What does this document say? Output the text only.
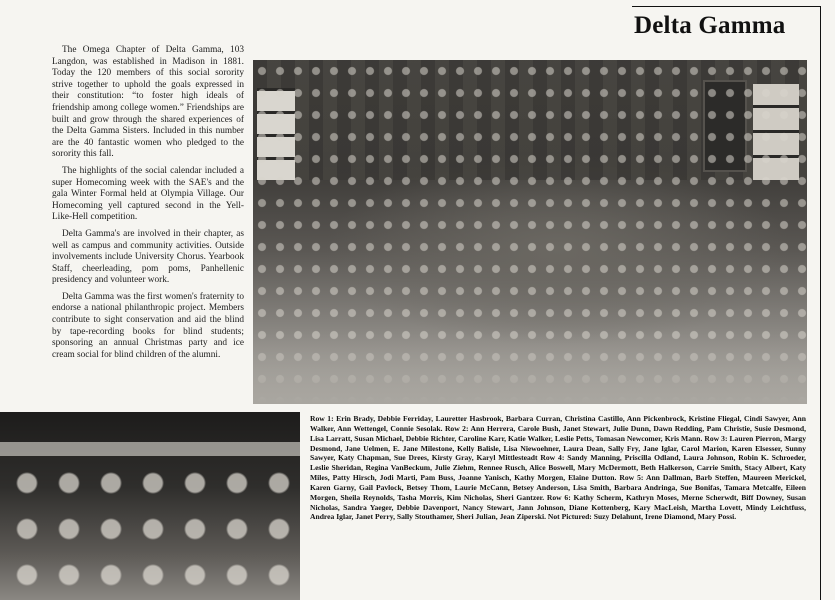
Delta Gamma

The Omega Chapter of Delta Gamma, 103 Langdon, was established in Madison in 1881. Today the 120 members of this social sorority strive together to uphold the goals expressed in their constitution: “to foster high ideals of friendship among college women.” Friendships are built and grow through the shared experiences of the Delta Gamma Sisters. Included in this number are the 40 fantastic women who pledged to the sorority this fall.

The highlights of the social calendar included a super Homecoming week with the SAE's and the gala Winter Formal held at Olympia Village. Our Homecoming yell captured second in the Yell-Like-Hell competition.

Delta Gamma's are involved in their chapter, as well as campus and community activities. Outside involvements include University Chorus. Yearbook Staff, cheerleading, pom poms, Panhellenic presidency and volunteer work.

Delta Gamma was the first women's fraternity to endorse a national philanthropic project. Members contribute to sight conservation and aid the blind by tape-recording books for blind students; sponsoring an annual Christmas party and ice cream social for blind children of the alumni.

Row 1: Erin Brady, Debbie Ferriday, Lauretter Hasbrook, Barbara Curran, Christina Castillo, Ann Pickenbrock, Kristine Fliegal, Cindi Sawyer, Ann Walker, Ann Wettengel, Connie Sesolak. Row 2: Ann Herrera, Carole Bush, Janet Stewart, Julie Dunn, Dawn Redding, Pam Christie, Susie Desmond, Lisa Larratt, Susan Michael, Debbie Richter, Caroline Karr, Katie Walker, Leslie Petts, Tomasan Newcomer, Kris Mann. Row 3: Lauren Pierron, Margy Desmond, Jane Uelmen, E. Jane Milestone, Kelly Balisle, Lisa Niewoehner, Laura Dean, Sally Fry, Jane Iglar, Carol Marion, Karen Elsesser, Sunny Sawyer, Katy Chapman, Sue Drees, Kirsty Gray, Karyl Mittlesteadt Row 4: Sandy Manning, Priscilla Odland, Laura Johnson, Robin K. Schroeder, Leslie Sheridan, Regina VanBeckum, Julie Ziehm, Rennee Rusch, Alice Boswell, Mary McDermott, Beth Halkerson, Carrie Smith, Stacy Albert, Katy Miles, Patty Hirsch, Jodi Marti, Pam Buss, Joanne Yanisch, Kathy Morgen, Elaine Dutton. Row 5: Ann Dallman, Barb Steffen, Maureen Merickel, Karen Garny, Gail Pavlock, Betsey Thom, Laurie McCann, Betsey Anderson, Lisa Smith, Barbara Andringa, Sue Bonifas, Tamara Metcalfe, Eileen Morgen, Sheila Reynolds, Tasha Morris, Kim Nicholas, Sheri Gantzer. Row 6: Kathy Scherm, Kathryn Moses, Merne Scherwdt, Biff Downey, Susan Nicholas, Sandra Yaeger, Debbie Davenport, Nancy Stewart, Jann Johnson, Diane Kottenberg, Kary MacLeish, Martha Lovett, Mindy Leichtfuss, Andrea Iglar, Janet Perry, Sally Stouthamer, Sheri Julian, Jean Ziperski. Not Pictured: Suzy Delahunt, Irene Diamond, Mary Possi.
